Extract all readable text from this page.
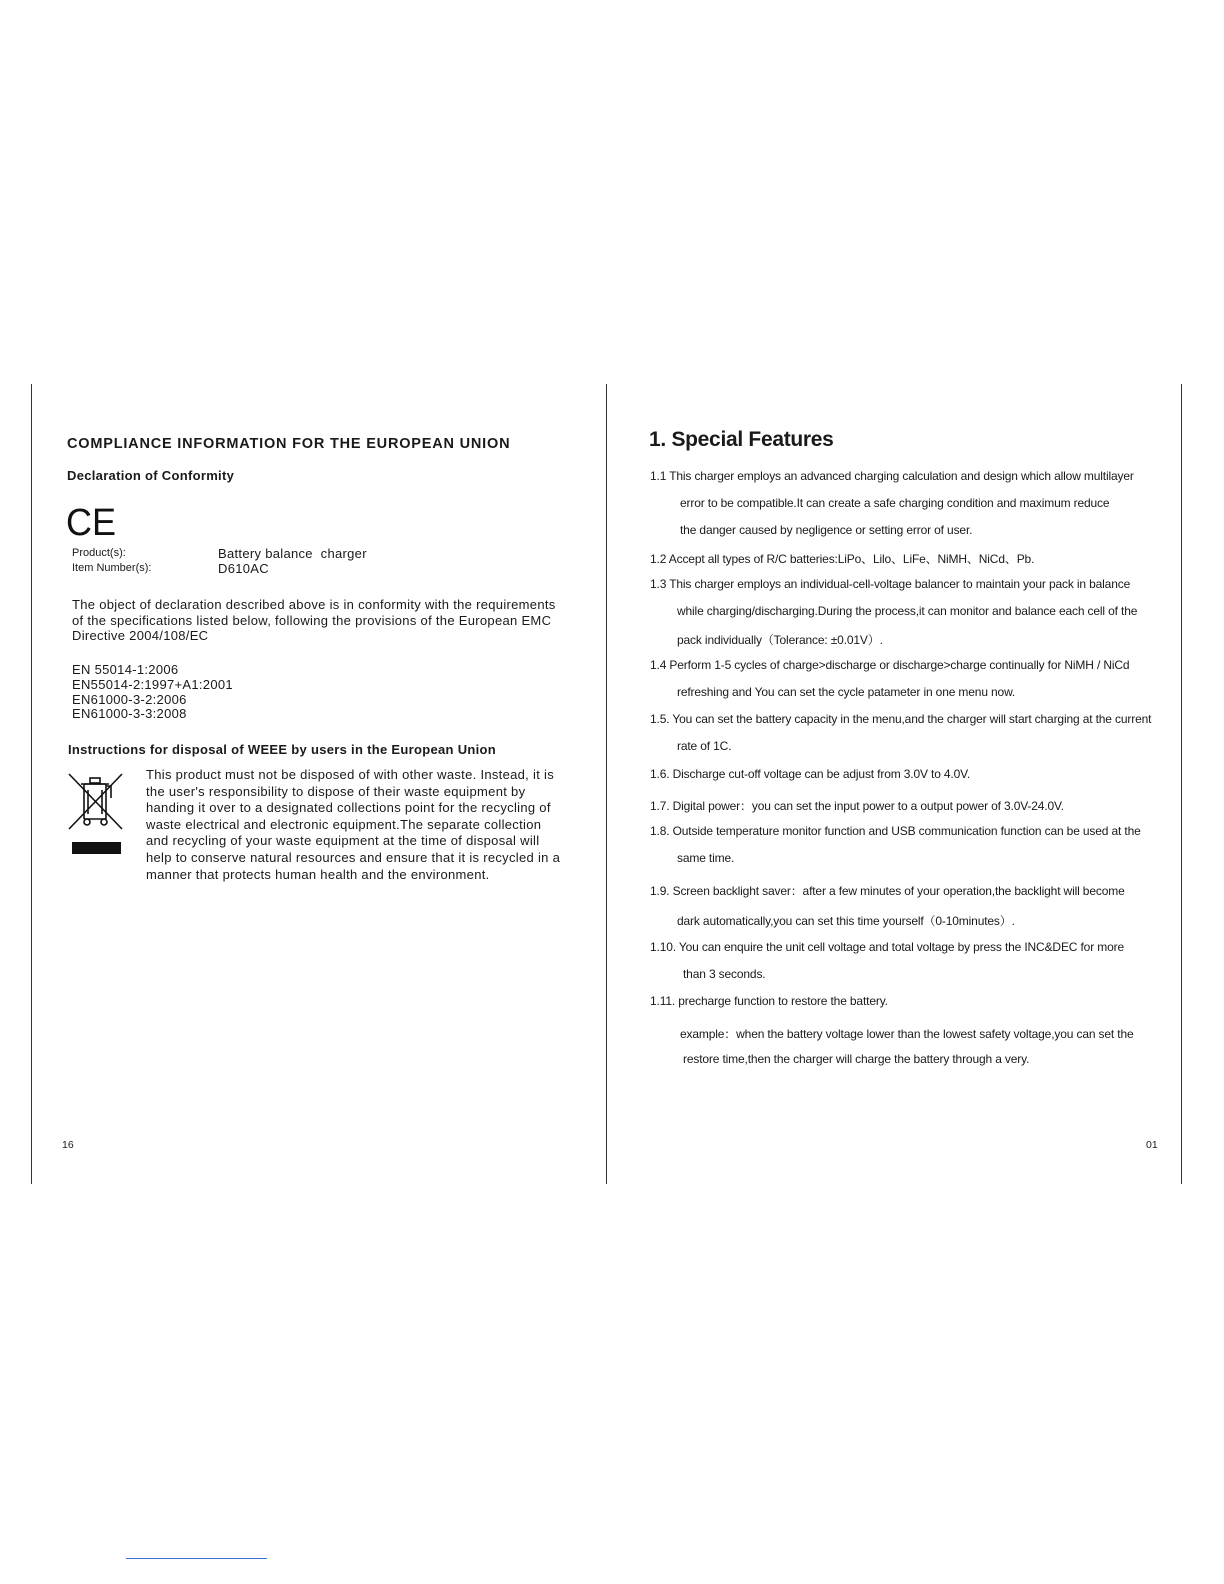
COMPLIANCE INFORMATION FOR THE EUROPEAN UNION
Declaration of Conformity
CE
Product(s):	Battery balance  charger
Item Number(s):	D610AC
The object of declaration described above is in conformity with the requirements
of the specifications listed below, following the provisions of the European EMC
Directive 2004/108/EC
EN 55014-1:2006
EN55014-2:1997+A1:2001
EN61000-3-2:2006
EN61000-3-3:2008
Instructions for disposal of WEEE by users in the European Union
This product must not be disposed of with other waste. Instead, it is
the user's responsibility to dispose of their waste equipment by
handing it over to a designated collections point for the recycling of
waste electrical and electronic equipment.The separate collection
and recycling of your waste equipment at the time of disposal will
help to conserve natural resources and ensure that it is recycled in a
manner that protects human health and the environment.
16
1. Special Features
1.1 This charger employs an advanced charging calculation and design which allow multilayer
error to be compatible.It can create a safe charging condition and maximum reduce
the danger caused by negligence or setting error of user.
1.2 Accept all types of R/C batteries:LiPo、Lilo、LiFe、NiMH、NiCd、Pb.
1.3 This charger employs an individual-cell-voltage balancer to maintain your pack in balance
while charging/discharging.During the process,it can monitor and balance each cell of the
pack individually（Tolerance: ±0.01V）.
1.4 Perform 1-5 cycles of charge>discharge or discharge>charge continually for NiMH / NiCd
refreshing and You can set the cycle patameter in one menu now.
1.5. You can set the battery capacity in the menu,and the charger will start charging at the current
rate of 1C.
1.6. Discharge cut-off voltage can be adjust from 3.0V to 4.0V.
1.7. Digital power：you can set the input power to a output power of 3.0V-24.0V.
1.8. Outside temperature monitor function and USB communication function can be used at the
same time.
1.9. Screen backlight saver：after a few minutes of your operation,the backlight will become
dark automatically,you can set this time yourself（0-10minutes）.
1.10. You can enquire the unit cell voltage and total voltage by press the INC&DEC for more
than 3 seconds.
1.11. precharge function to restore the battery.
example：when the battery voltage lower than the lowest safety voltage,you can set the
restore time,then the charger will charge the battery through a very.
01
